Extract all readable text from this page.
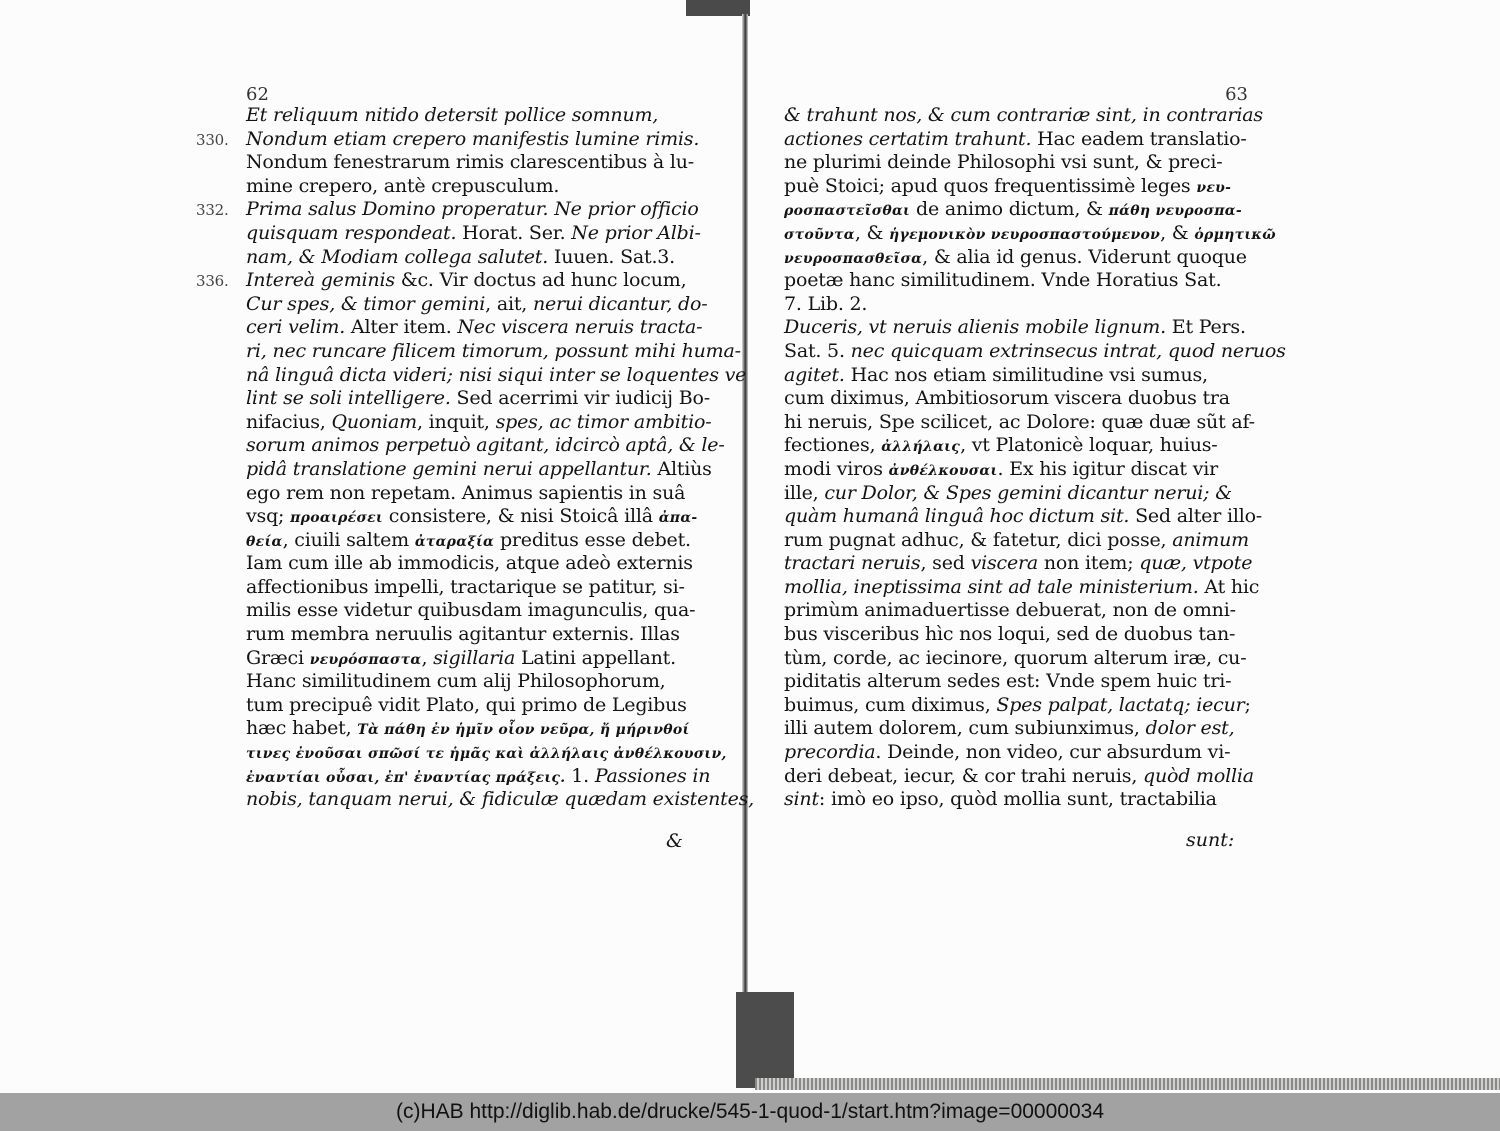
62
Et reliquum nitido detersit pollice somnum,
330. Nondum etiam crepero manifestis lumine rimis.
Nondum fenestrarum rimis clarescentibus à lu-
mine crepero, antè crepusculum.
332. Prima salus Domino properatur. Ne prior officio
quisquam respondeat. Horat. Ser. Ne prior Albi-
nam, & Modiam collega salutet. Iuuen. Sat.3.
336. Intereà geminis &c. Vir doctus ad hunc locum,
Cur spes, & timor gemini, ait, nerui dicantur, do-
ceri velim. Alter item. Nec viscera neruis tracta-
ri, nec runcare filicem timorum, possunt mihi huma-
nâ linguâ dicta videri; nisi siqui inter se loquentes ve
lint se soli intelligere. Sed acerrimi vir iudicij Bo-
nifacius, Quoniam, inquit, spes, ac timor ambitio-
sorum animos perpetuò agitant, idcircò aptâ, & le-
pidâ translatione gemini nerui appellantur. Altiùs
ego rem non repetam. Animus sapientis in suâ
vsq; προαιρέσει consistere, & nisi Stoicâ illâ ἀπα-
θεία, ciuili saltem ἀταραξία preditus esse debet.
Iam cum ille ab immodicis, atque adeò externis
affectionibus impelli, tractarique se patitur, si-
milis esse videtur quibusdam imagunculis, qua-
rum membra neruulis agitantur externis. Illas
Græci νευρόσπαστα, sigillaria Latini appellant.
Hanc similitudinem cum alij Philosophorum,
tum precipuê vidit Plato, qui primo de Legibus
hæc habet, Τὰ πάθη ἐν ἡμῖν οἷον νεῦρα, ἤ μήρινθοί
τινες ἐνοῦσαι σπῶσί τε ἡμᾶς καὶ ἀλλήλαις ἀνθέλκουσιν,
ἐναντίαι οὖσαι, ἐπ' ἐναντίας πράξεις. 1. Passiones in
nobis, tanquam nerui, & fidiculæ quædam existentes,
&
63
& trahunt nos, & cum contrariæ sint, in contrarias
actiones certatim trahunt. Hac eadem translatio-
ne plurimi deinde Philosophi vsi sunt, & preci-
puè Stoici; apud quos frequentissimè leges νευ-
ροσπαστεῖσθαι de animo dictum, & πάθη νευροσπα-
στοῦντα, & ἡγεμονικὸν νευροσπαστούμενον, & ὁρμητικῶ
νευροσπασθεῖσα, & alia id genus. Viderunt quoque
poetæ hanc similitudinem. Vnde Horatius Sat.
7. Lib. 2.
Duceris, vt neruis alienis mobile lignum. Et Pers.
Sat. 5. nec quicquam extrinsecus intrat, quod neruos
agitet. Hac nos etiam similitudine vsi sumus,
cum diximus, Ambitiosorum viscera duobus tra
hi neruis, Spe scilicet, ac Dolore: quæ duæ sũt af-
fectiones, ἀλλήλαις, vt Platonicè loquar, huius-
modi viros ἀνθέλκουσαι. Ex his igitur discat vir
ille, cur Dolor, & Spes gemini dicantur nerui; &
quàm humanâ linguâ hoc dictum sit. Sed alter illo-
rum pugnat adhuc, & fatetur, dici posse, animum
tractari neruis, sed viscera non item; quæ, vtpote
mollia, ineptissima sint ad tale ministerium. At hic
primùm animaduertisse debuerat, non de omni-
bus visceribus hìc nos loqui, sed de duobus tan-
tùm, corde, ac iecinore, quorum alterum iræ, cu-
piditatis alterum sedes est: Vnde spem huic tri-
buimus, cum diximus, Spes palpat, lactatq; iecur;
illi autem dolorem, cum subiunximus, dolor est,
precordia. Deinde, non video, cur absurdum vi-
deri debeat, iecur, & cor trahi neruis, quòd mollia
sint: imò eo ipso, quòd mollia sunt, tractabilia
sunt:
(c)HAB http://diglib.hab.de/drucke/545-1-quod-1/start.htm?image=00000034
